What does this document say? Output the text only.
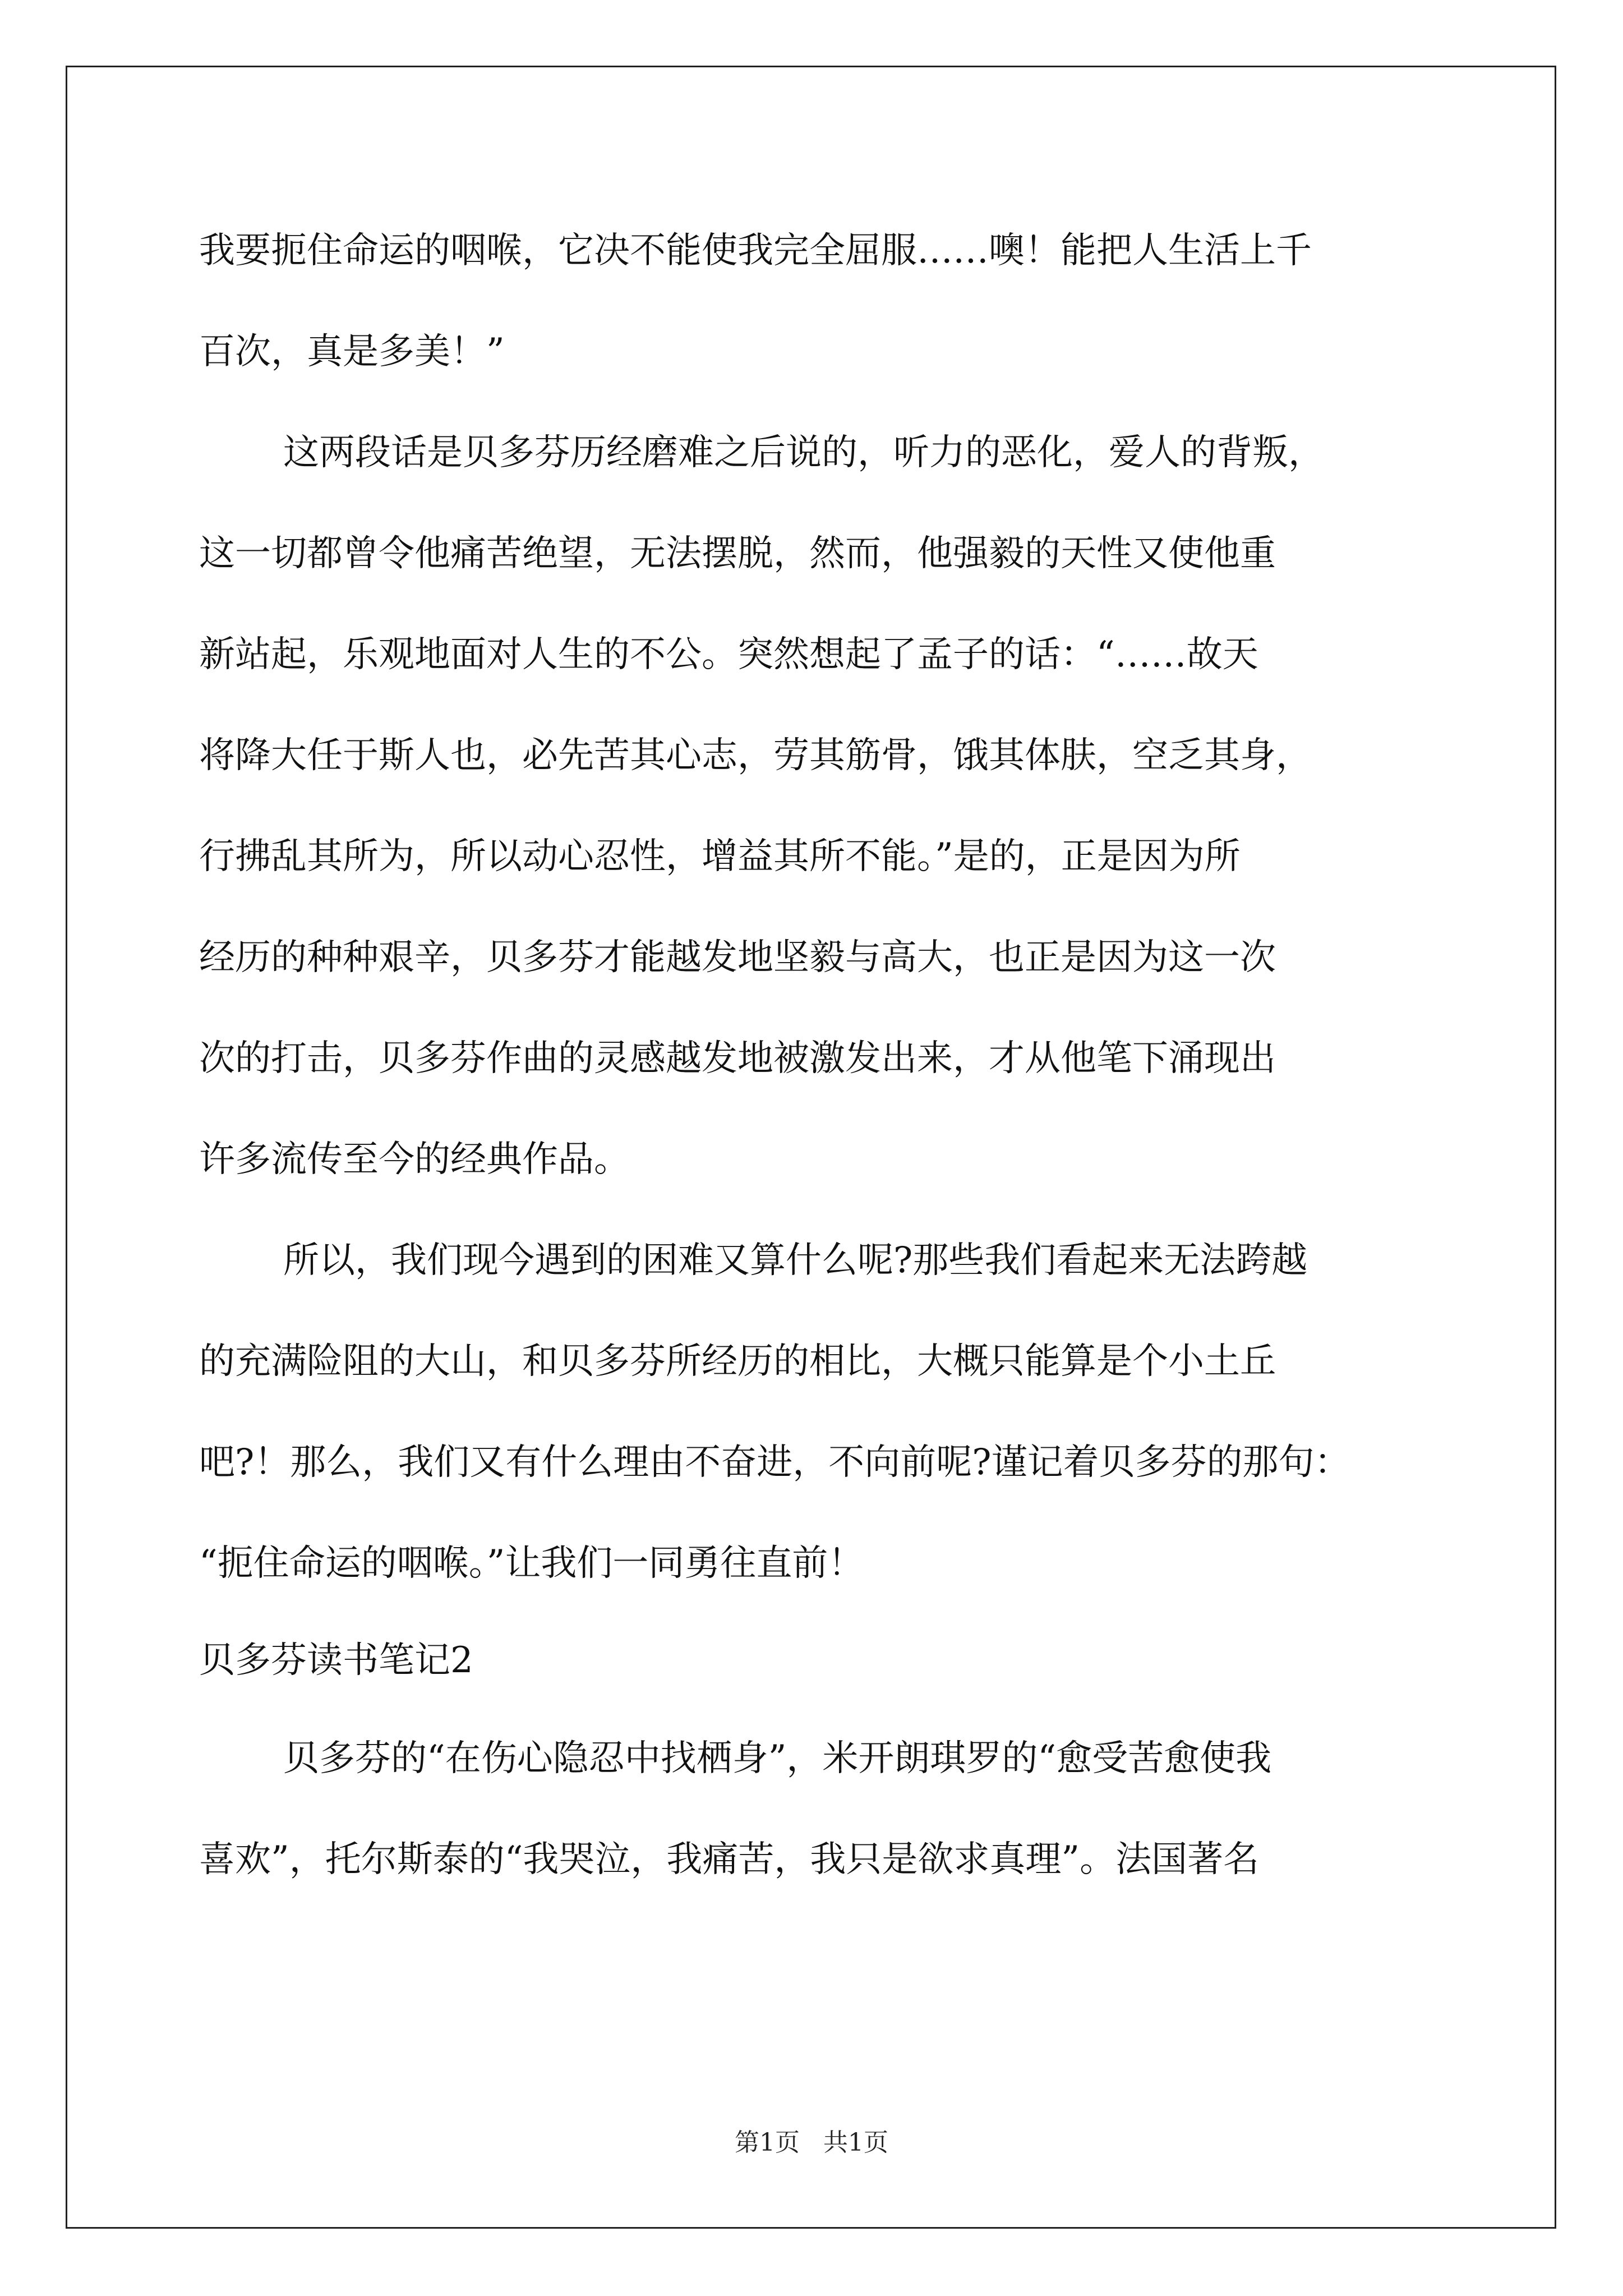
我要扼住命运的咽喉，它决不能使我完全屈服……噢！能把人生活上千
百次，真是多美！”
这两段话是贝多芬历经磨难之后说的，听力的恶化，爱人的背叛，
这一切都曾令他痛苦绝望，无法摆脱，然而，他强毅的天性又使他重
新站起，乐观地面对人生的不公。突然想起了孟子的话：“……故天
将降大任于斯人也，必先苦其心志，劳其筋骨，饿其体肤，空乏其身，
行拂乱其所为，所以动心忍性，增益其所不能。”是的，正是因为所
经历的种种艰辛，贝多芬才能越发地坚毅与高大，也正是因为这一次
次的打击，贝多芬作曲的灵感越发地被激发出来，才从他笔下涌现出
许多流传至今的经典作品。
所以，我们现今遇到的困难又算什么呢?那些我们看起来无法跨越
的充满险阻的大山，和贝多芬所经历的相比，大概只能算是个小土丘
吧?！那么，我们又有什么理由不奋进，不向前呢?谨记着贝多芬的那句：
“扼住命运的咽喉。”让我们一同勇往直前！
贝多芬读书笔记2
贝多芬的“在伤心隐忍中找栖身”，米开朗琪罗的“愈受苦愈使我
喜欢”，托尔斯泰的“我哭泣，我痛苦，我只是欲求真理”。法国著名
第1页   共1页
